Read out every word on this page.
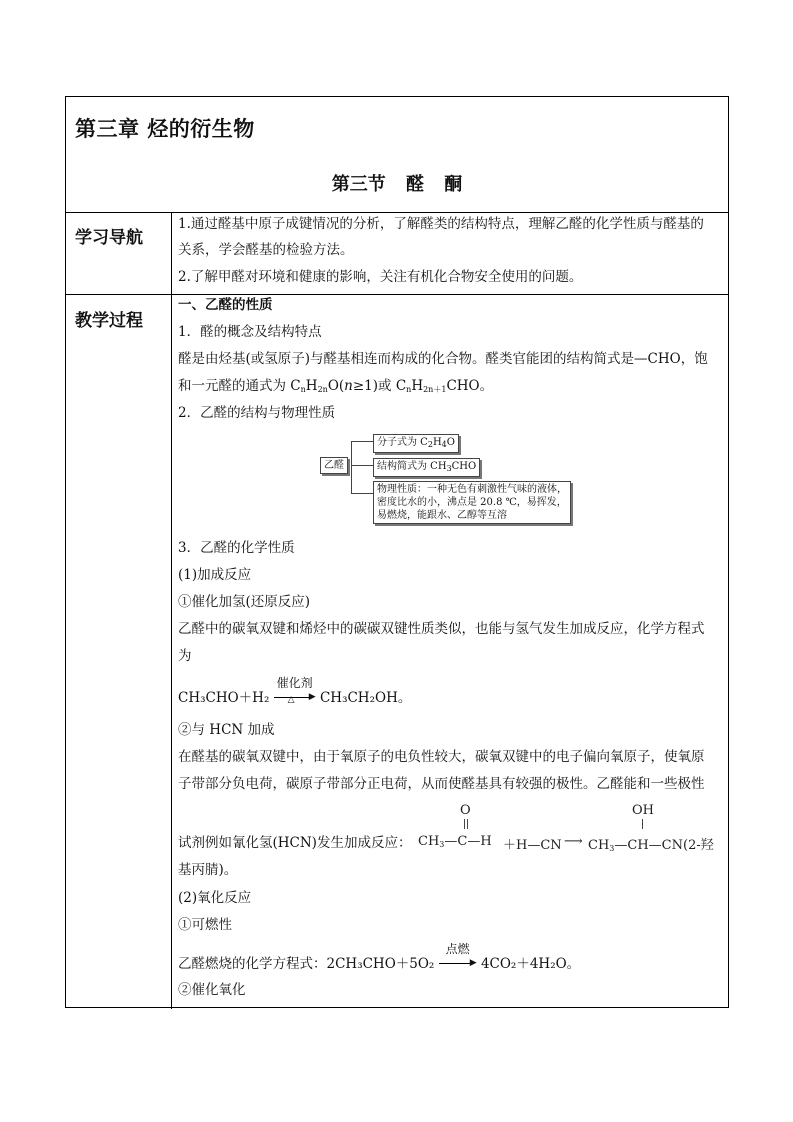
第三章 烃的衍生物
第三节 醛 酮
学习导航
1.通过醛基中原子成键情况的分析，了解醛类的结构特点，理解乙醛的化学性质与醛基的
关系，学会醛基的检验方法。
2.了解甲醛对环境和健康的影响，关注有机化合物安全使用的问题。
教学过程
一、乙醛的性质
1．醛的概念及结构特点
醛是由烃基(或氢原子)与醛基相连而构成的化合物。醛类官能团的结构简式是—CHO，饱
和一元醛的通式为 $C_nH_{2n}O(n\ge 1)$或 $C_nH_{2n+1}CHO$。
2．乙醛的结构与物理性质
乙醛
分子式为 $C_2H_4O$
结构简式为 $CH_3CHO$
物理性质：一种无色有刺激性气味的液体，
密度比水的小，沸点是 20.8 ℃，易挥发，
易燃烧，能跟水、乙醇等互溶
3．乙醛的化学性质
(1)加成反应
①催化加氢(还原反应)
乙醛中的碳氧双键和烯烃中的碳碳双键性质类似，也能与氢气发生加成反应，化学方程式
为
CH₃CHO＋H₂
催化剂
△ ▶ CH₃CH₂OH。
②与 HCN 加成
在醛基的碳氧双键中，由于氧原子的电负性较大，碳氧双键中的电子偏向氧原子，使氧原
子带部分负电荷，碳原子带部分正电荷，从而使醛基具有较强的极性。乙醛能和一些极性
试剂例如氰化氢(HCN)发生加成反应：
O
$CH_3—C—H$ ＋H—CN ⟶
OH
$CH_3—CH—CN(2-$羟
基丙腈)。
(2)氧化反应
①可燃性
乙醛燃烧的化学方程式：2CH₃CHO＋5O₂
点燃
▶ 4CO₂＋4H₂O。
②催化氧化
